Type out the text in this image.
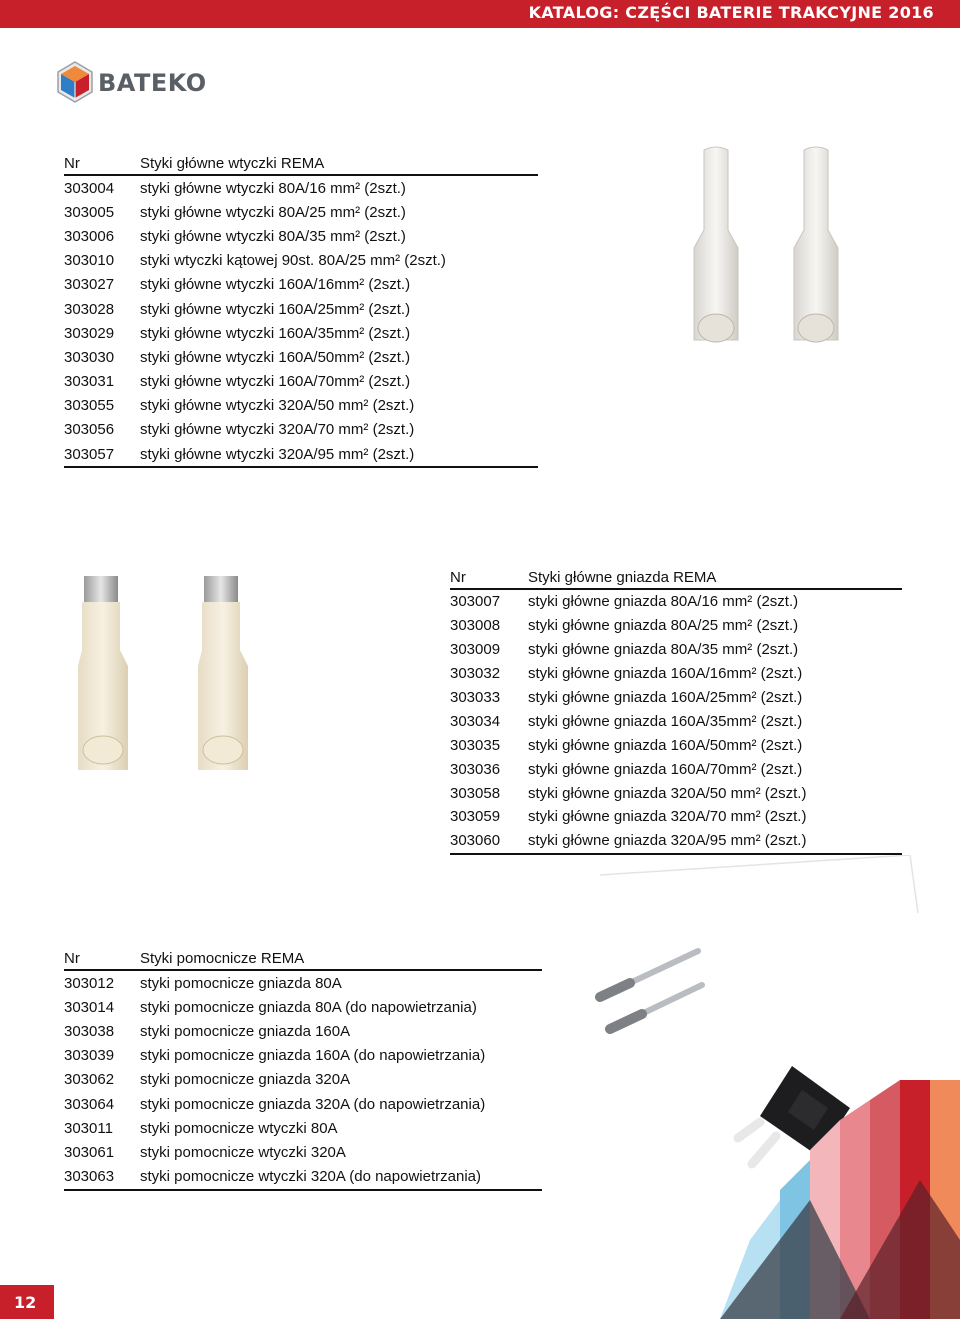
KATALOG: CZĘŚCI BATERIE TRAKCYJNE 2016
BATEKO
Nr	Styki główne wtyczki REMA
303004	styki główne wtyczki 80A/16 mm² (2szt.)
303005	styki główne wtyczki 80A/25 mm² (2szt.)
303006	styki główne wtyczki 80A/35 mm² (2szt.)
303010	styki wtyczki kątowej 90st. 80A/25 mm² (2szt.)
303027	styki główne wtyczki 160A/16mm² (2szt.)
303028	styki główne wtyczki 160A/25mm² (2szt.)
303029	styki główne wtyczki 160A/35mm² (2szt.)
303030	styki główne wtyczki 160A/50mm² (2szt.)
303031	styki główne wtyczki 160A/70mm² (2szt.)
303055	styki główne wtyczki 320A/50 mm² (2szt.)
303056	styki główne wtyczki 320A/70 mm² (2szt.)
303057	styki główne wtyczki 320A/95 mm² (2szt.)
Nr	Styki główne gniazda REMA
303007	styki główne gniazda 80A/16 mm² (2szt.)
303008	styki główne gniazda 80A/25 mm² (2szt.)
303009	styki główne gniazda 80A/35 mm² (2szt.)
303032	styki główne gniazda 160A/16mm² (2szt.)
303033	styki główne gniazda 160A/25mm² (2szt.)
303034	styki główne gniazda 160A/35mm² (2szt.)
303035	styki główne gniazda 160A/50mm² (2szt.)
303036	styki główne gniazda 160A/70mm² (2szt.)
303058	styki główne gniazda 320A/50 mm² (2szt.)
303059	styki główne gniazda 320A/70 mm² (2szt.)
303060	styki główne gniazda 320A/95 mm² (2szt.)
Nr	Styki pomocnicze REMA
303012	styki pomocnicze gniazda 80A
303014	styki pomocnicze gniazda 80A (do napowietrzania)
303038	styki pomocnicze gniazda 160A
303039	styki pomocnicze gniazda 160A (do napowietrzania)
303062	styki pomocnicze gniazda 320A
303064	styki pomocnicze gniazda 320A (do napowietrzania)
303011	styki pomocnicze wtyczki 80A
303061	styki pomocnicze wtyczki 320A
303063	styki pomocnicze wtyczki 320A (do napowietrzania)
12
